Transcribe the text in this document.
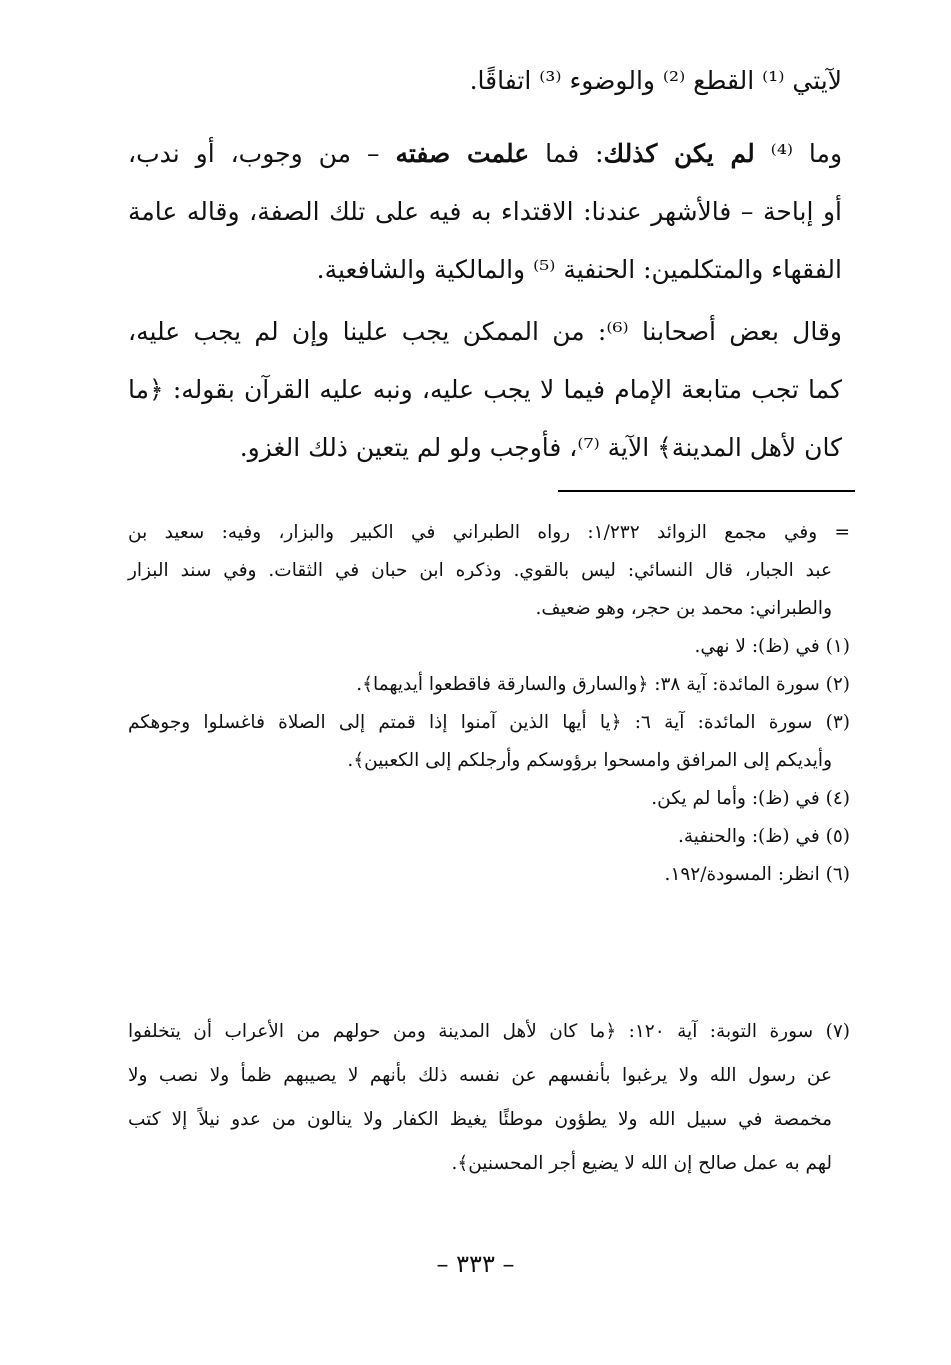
لآيتي ⁽¹⁾ القطع ⁽²⁾ والوضوء ⁽³⁾ اتفاقًا.
وما ⁽⁴⁾ لم يكن كذلك: فما علمت صفته – من وجوب، أو ندب،
أو إباحة – فالأشهر عندنا: الاقتداء به فيه على تلك الصفة، وقاله عامة
الفقهاء والمتكلمين: الحنفية ⁽⁵⁾ والمالكية والشافعية.
وقال بعض أصحابنا ⁽⁶⁾: من الممكن يجب علينا وإن لم يجب عليه،
كما تجب متابعة الإمام فيما لا يجب عليه، ونبه عليه القرآن بقوله: ﴿ما
كان لأهل المدينة﴾ الآية ⁽⁷⁾، فأوجب ولو لم يتعين ذلك الغزو.
= وفي مجمع الزوائد ١/٢٣٢: رواه الطبراني في الكبير والبزار، وفيه: سعيد بن
عبد الجبار، قال النسائي: ليس بالقوي. وذكره ابن حبان في الثقات. وفي سند البزار
والطبراني: محمد بن حجر، وهو ضعيف.
(١) في (ظ): لا نهي.
(٢) سورة المائدة: آية ٣٨: ﴿والسارق والسارقة فاقطعوا أيديهما﴾.
(٣) سورة المائدة: آية ٦: ﴿يا أيها الذين آمنوا إذا قمتم إلى الصلاة فاغسلوا وجوهكم
وأيديكم إلى المرافق وامسحوا برؤوسكم وأرجلكم إلى الكعبين﴾.
(٤) في (ظ): وأما لم يكن.
(٥) في (ظ): والحنفية.
(٦) انظر: المسودة/١٩٢.
(٧) سورة التوبة: آية ١٢٠: ﴿ما كان لأهل المدينة ومن حولهم من الأعراب أن يتخلفوا
عن رسول الله ولا يرغبوا بأنفسهم عن نفسه ذلك بأنهم لا يصيبهم ظمأ ولا نصب ولا
مخمصة في سبيل الله ولا يطؤون موطئًا يغيظ الكفار ولا ينالون من عدو نيلاً إلا كتب
لهم به عمل صالح إن الله لا يضيع أجر المحسنين﴾.
– ٣٣٣ –
